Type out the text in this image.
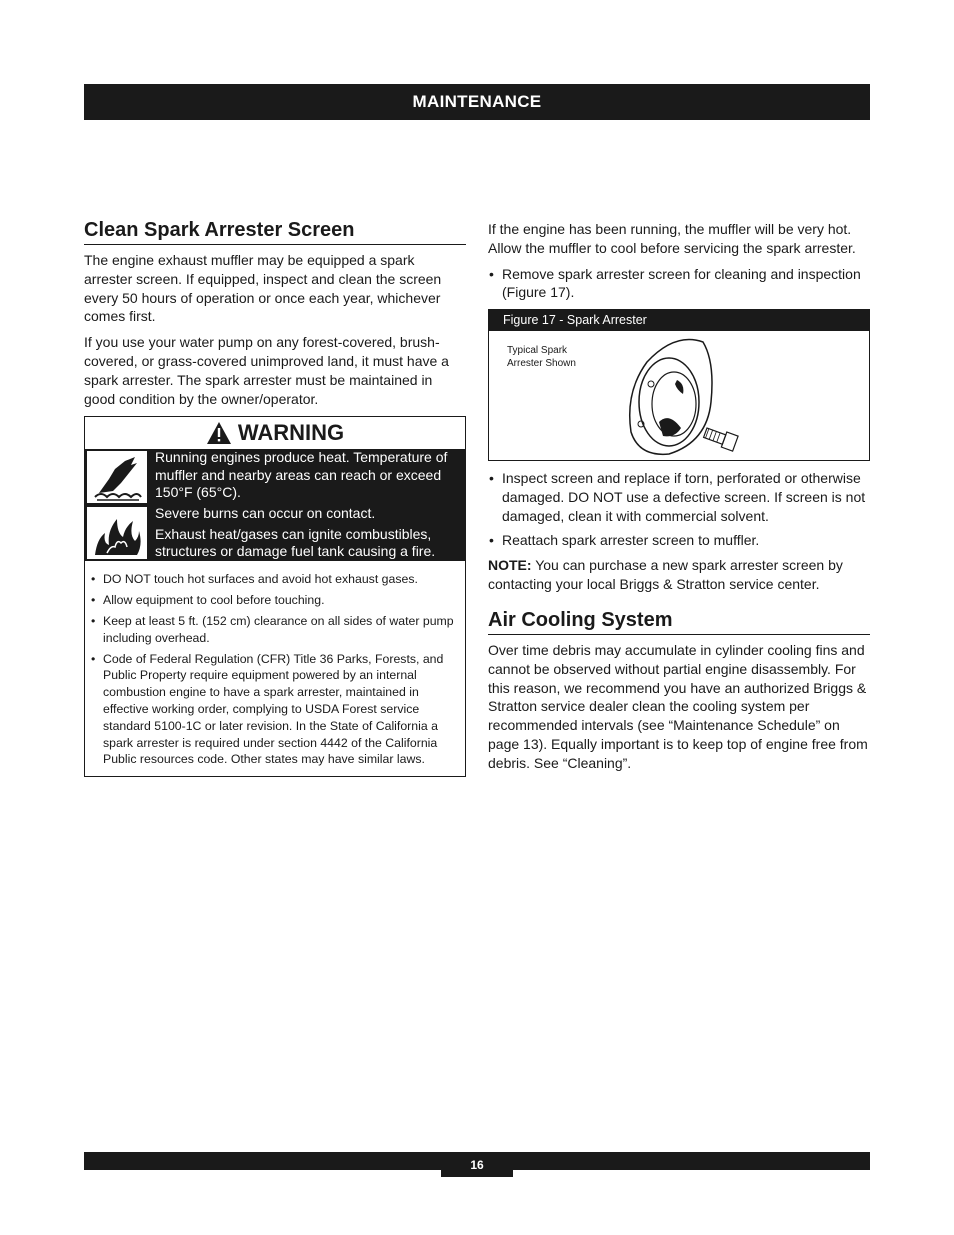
MAINTENANCE
Clean Spark Arrester Screen

The engine exhaust muffler may be equipped a spark arrester screen. If equipped, inspect and clean the screen every 50 hours of operation or once each year, whichever comes first.

If you use your water pump on any forest-covered, brush-covered, or grass-covered unimproved land, it must have a spark arrester. The spark arrester must be maintained in good condition by the owner/operator.

WARNING
Running engines produce heat. Temperature of muffler and nearby areas can reach or exceed 150°F (65°C).
Severe burns can occur on contact.
Exhaust heat/gases can ignite combustibles, structures or damage fuel tank causing a fire.
• DO NOT touch hot surfaces and avoid hot exhaust gases.
• Allow equipment to cool before touching.
• Keep at least 5 ft. (152 cm) clearance on all sides of water pump including overhead.
• Code of Federal Regulation (CFR) Title 36 Parks, Forests, and Public Property require equipment powered by an internal combustion engine to have a spark arrester, maintained in effective working order, complying to USDA Forest service standard 5100-1C or later revision. In the State of California a spark arrester is required under section 4442 of the California Public resources code. Other states may have similar laws.

If the engine has been running, the muffler will be very hot. Allow the muffler to cool before servicing the spark arrester.

• Remove spark arrester screen for cleaning and inspection (Figure 17).
Figure 17 - Spark Arrester
Typical Spark
Arrester Shown
• Inspect screen and replace if torn, perforated or otherwise damaged. DO NOT use a defective screen. If screen is not damaged, clean it with commercial solvent.
• Reattach spark arrester screen to muffler.

NOTE: You can purchase a new spark arrester screen by contacting your local Briggs & Stratton service center.

Air Cooling System

Over time debris may accumulate in cylinder cooling fins and cannot be observed without partial engine disassembly. For this reason, we recommend you have an authorized Briggs & Stratton service dealer clean the cooling system per recommended intervals (see “Maintenance Schedule” on page 13). Equally important is to keep top of engine free from debris. See “Cleaning”.

16
